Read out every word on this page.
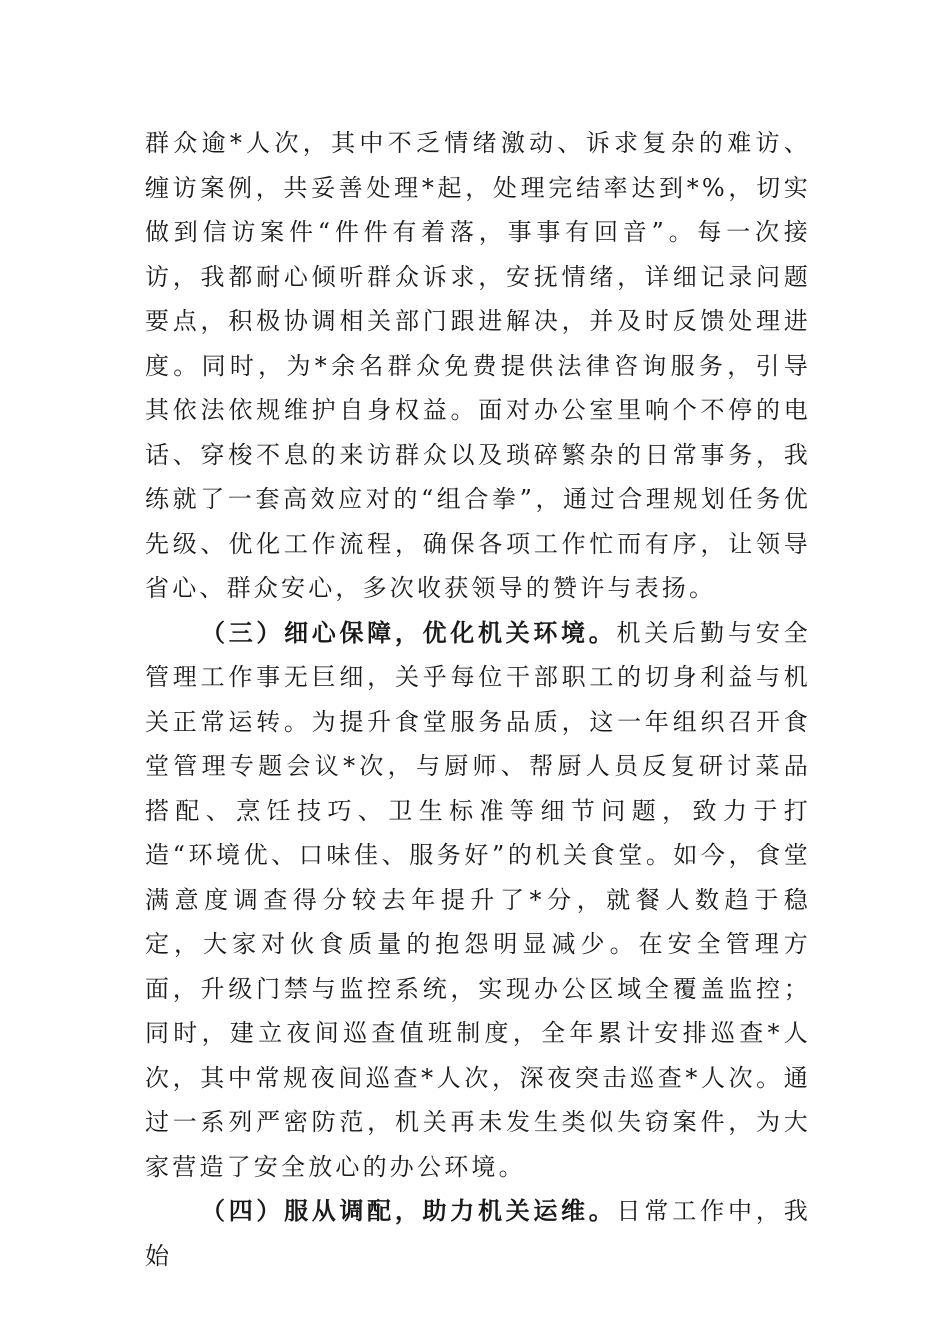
群众逾*人次，其中不乏情绪激动、诉求复杂的难访、缠访案例，共妥善处理*起，处理完结率达到*%，切实做到信访案件“件件有着落，事事有回音”。每一次接访，我都耐心倾听群众诉求，安抚情绪，详细记录问题要点，积极协调相关部门跟进解决，并及时反馈处理进度。同时，为*余名群众免费提供法律咨询服务，引导其依法依规维护自身权益。面对办公室里响个不停的电话、穿梭不息的来访群众以及琐碎繁杂的日常事务，我练就了一套高效应对的“组合拳”，通过合理规划任务优先级、优化工作流程，确保各项工作忙而有序，让领导省心、群众安心，多次收获领导的赞许与表扬。

（三）细心保障，优化机关环境。机关后勤与安全管理工作事无巨细，关乎每位干部职工的切身利益与机关正常运转。为提升食堂服务品质，这一年组织召开食堂管理专题会议*次，与厨师、帮厨人员反复研讨菜品搭配、烹饪技巧、卫生标准等细节问题，致力于打造“环境优、口味佳、服务好”的机关食堂。如今，食堂满意度调查得分较去年提升了*分，就餐人数趋于稳定，大家对伙食质量的抱怨明显减少。在安全管理方面，升级门禁与监控系统，实现办公区域全覆盖监控；同时，建立夜间巡查值班制度，全年累计安排巡查*人次，其中常规夜间巡查*人次，深夜突击巡查*人次。通过一系列严密防范，机关再未发生类似失窃案件，为大家营造了安全放心的办公环境。

（四）服从调配，助力机关运维。日常工作中，我始
